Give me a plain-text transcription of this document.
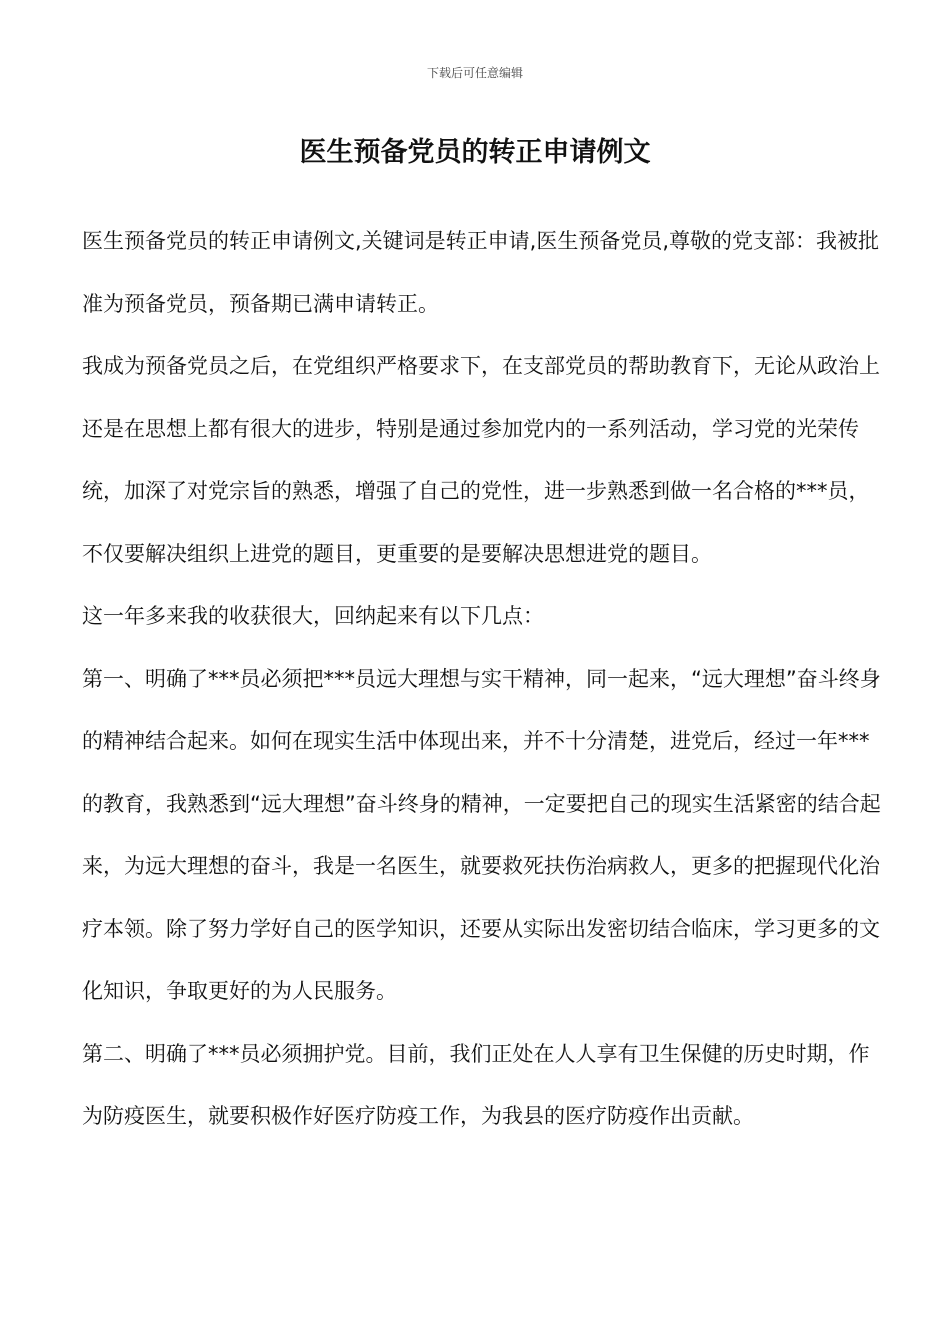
下载后可任意编辑
医生预备党员的转正申请例文

医生预备党员的转正申请例文,关键词是转正申请,医生预备党员,尊敬的党支部：我被批准为预备党员，预备期已满申请转正。

我成为预备党员之后，在党组织严格要求下，在支部党员的帮助教育下，无论从政治上还是在思想上都有很大的进步，特别是通过参加党内的一系列活动，学习党的光荣传统，加深了对党宗旨的熟悉，增强了自己的党性，进一步熟悉到做一名合格的***员，不仅要解决组织上进党的题目，更重要的是要解决思想进党的题目。

这一年多来我的收获很大，回纳起来有以下几点：

第一、明确了***员必须把***员远大理想与实干精神，同一起来，“远大理想”奋斗终身的精神结合起来。如何在现实生活中体现出来，并不十分清楚，进党后，经过一年***的教育，我熟悉到“远大理想”奋斗终身的精神，一定要把自己的现实生活紧密的结合起来，为远大理想的奋斗，我是一名医生，就要救死扶伤治病救人，更多的把握现代化治疗本领。除了努力学好自己的医学知识，还要从实际出发密切结合临床，学习更多的文化知识，争取更好的为人民服务。

第二、明确了***员必须拥护党。目前，我们正处在人人享有卫生保健的历史时期，作为防疫医生，就要积极作好医疗防疫工作，为我县的医疗防疫作出贡献。
